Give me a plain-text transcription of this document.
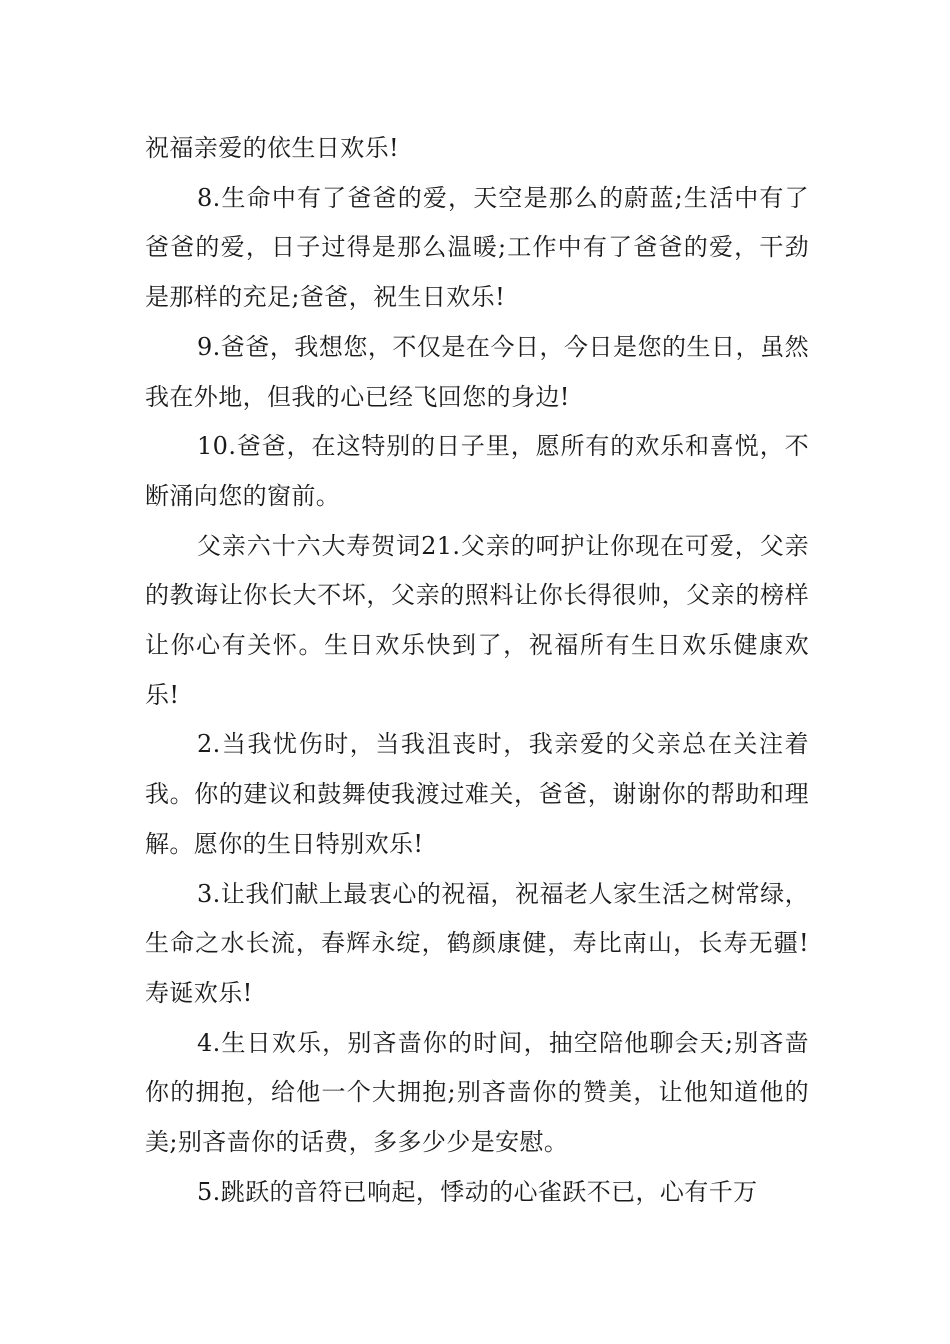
祝福亲爱的依生日欢乐!

8.生命中有了爸爸的爱，天空是那么的蔚蓝;生活中有了爸爸的爱，日子过得是那么温暖;工作中有了爸爸的爱，干劲是那样的充足;爸爸，祝生日欢乐!

9.爸爸，我想您，不仅是在今日，今日是您的生日，虽然我在外地，但我的心已经飞回您的身边!

10.爸爸，在这特别的日子里，愿所有的欢乐和喜悦，不断涌向您的窗前。

父亲六十六大寿贺词21.父亲的呵护让你现在可爱，父亲的教诲让你长大不坏，父亲的照料让你长得很帅，父亲的榜样让你心有关怀。生日欢乐快到了，祝福所有生日欢乐健康欢乐!

2.当我忧伤时，当我沮丧时，我亲爱的父亲总在关注着我。你的建议和鼓舞使我渡过难关，爸爸，谢谢你的帮助和理解。愿你的生日特别欢乐!

3.让我们献上最衷心的祝福，祝福老人家生活之树常绿，生命之水长流，春辉永绽，鹤颜康健，寿比南山，长寿无疆!寿诞欢乐!

4.生日欢乐，别吝啬你的时间，抽空陪他聊会天;别吝啬你的拥抱，给他一个大拥抱;别吝啬你的赞美，让他知道他的美;别吝啬你的话费，多多少少是安慰。

5.跳跃的音符已响起，悸动的心雀跃不已，心有千万
